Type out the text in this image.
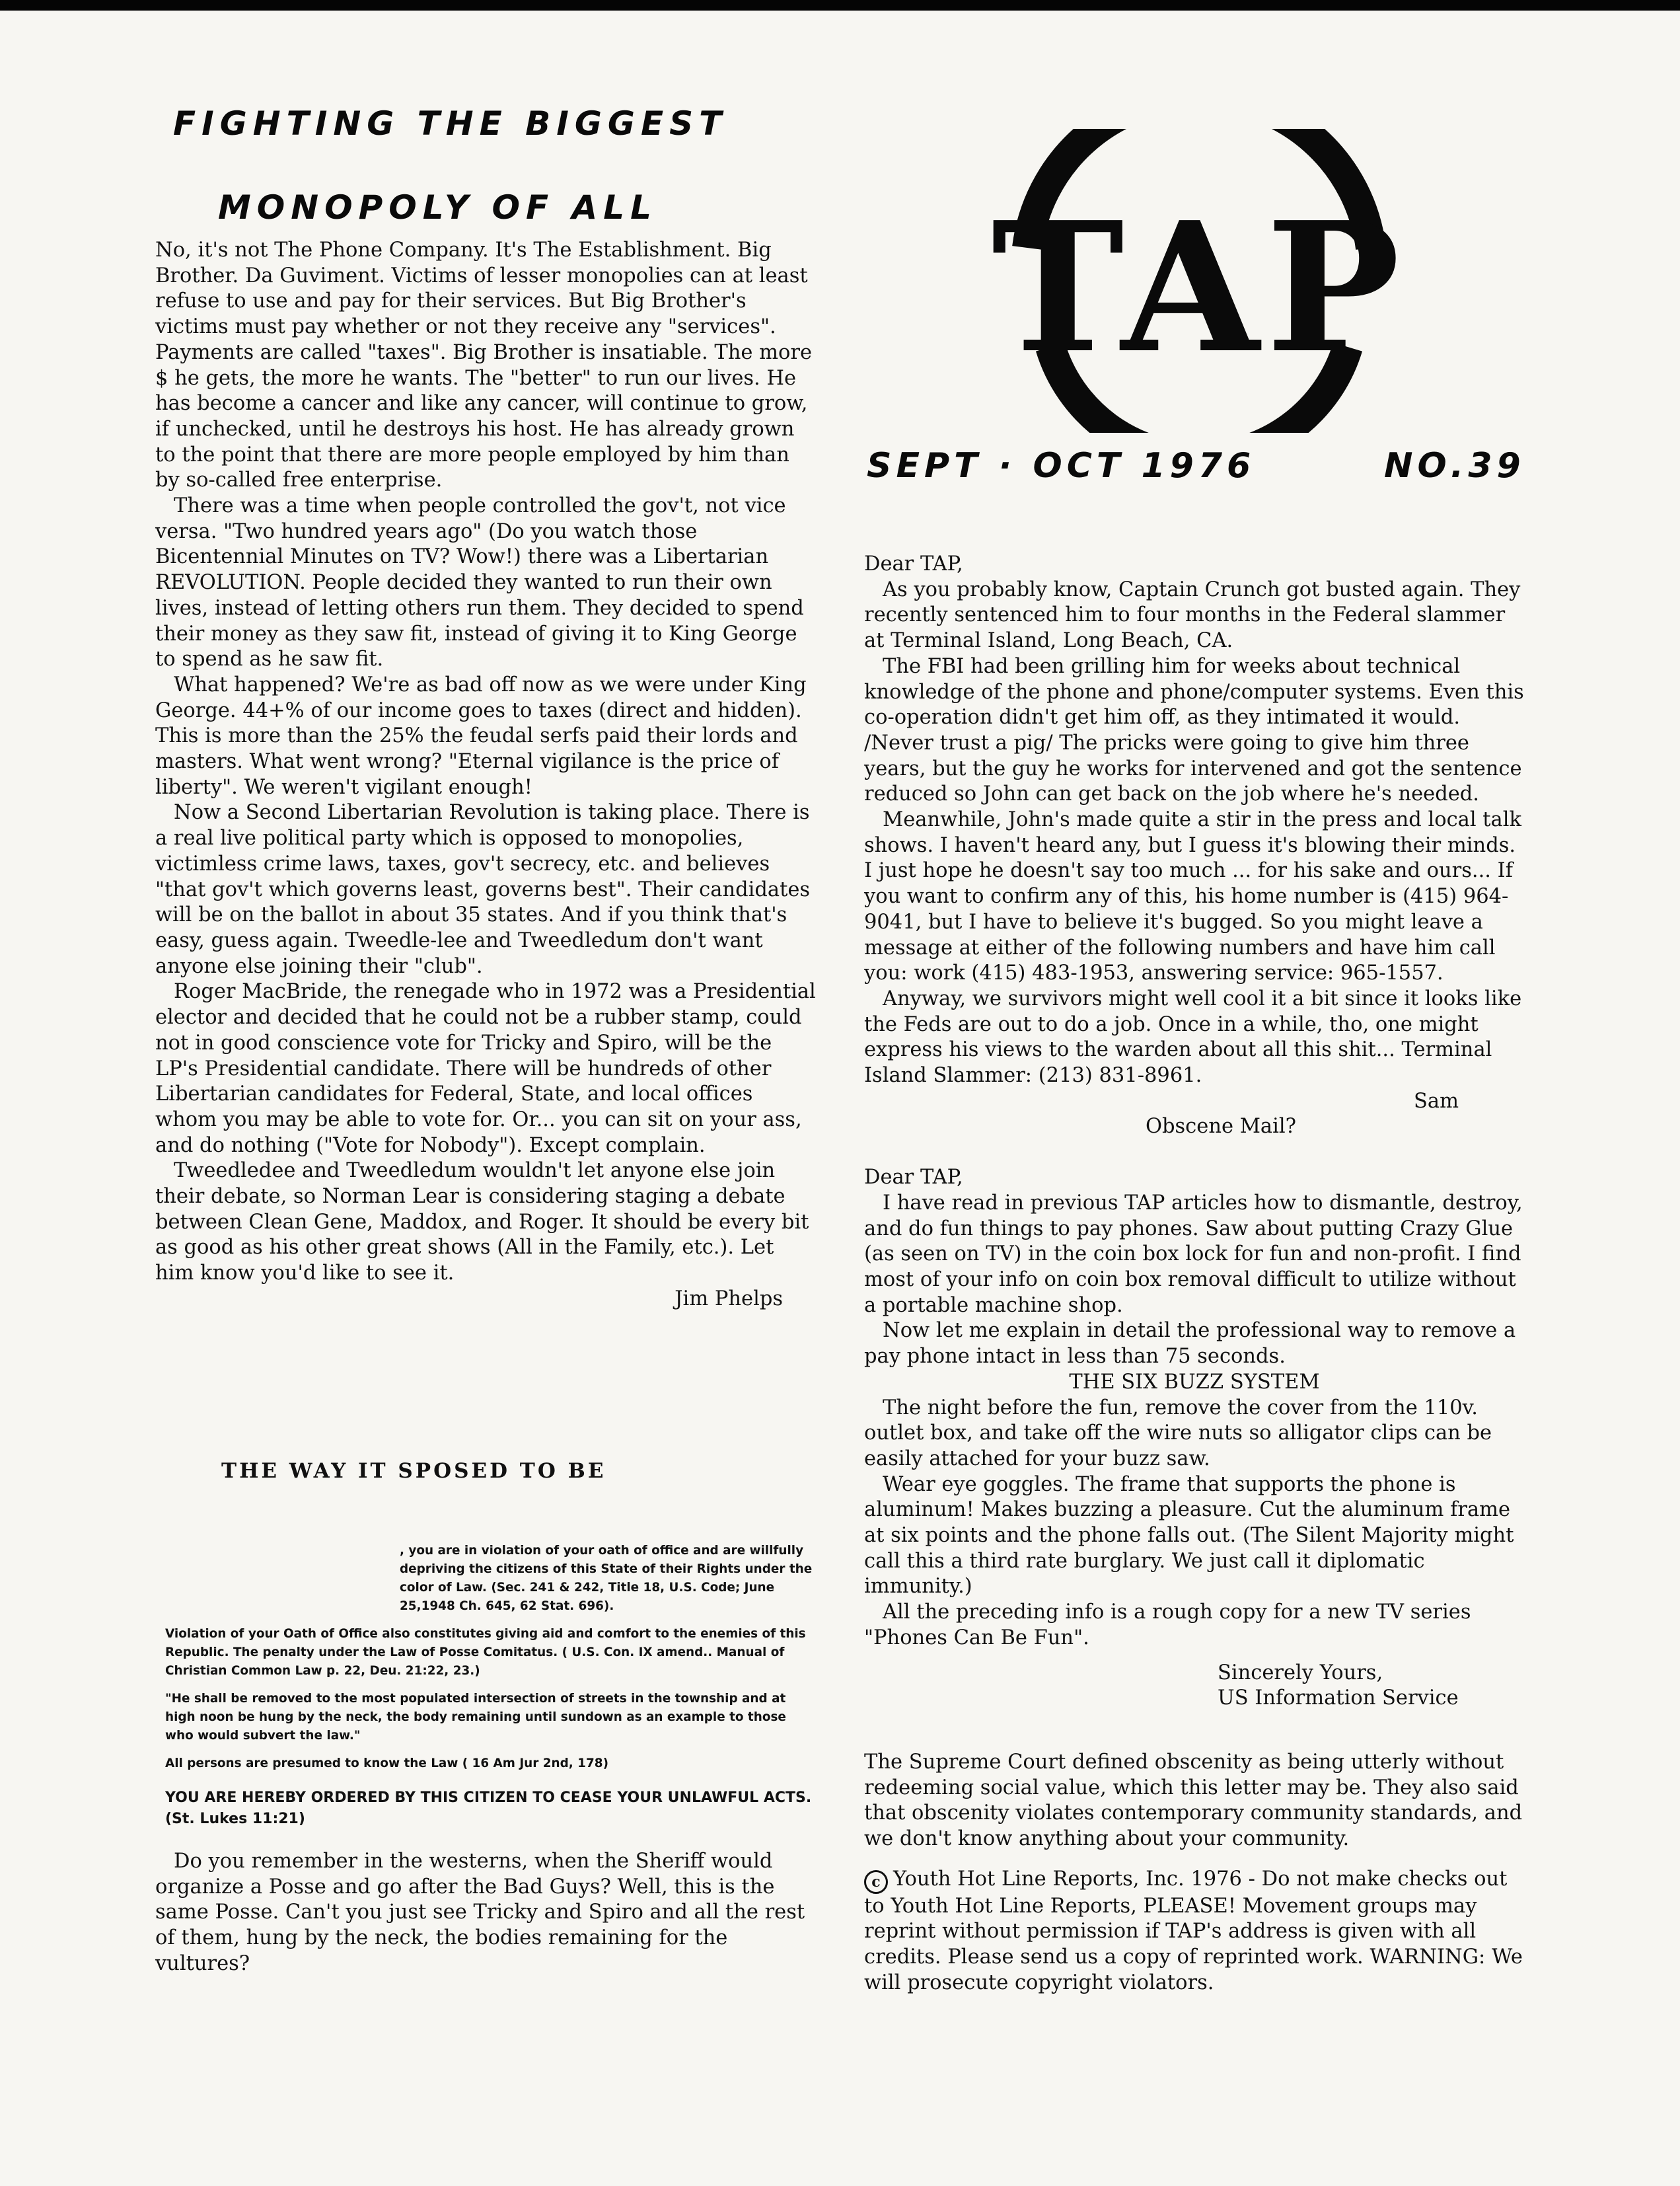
FIGHTING THE BIGGEST
MONOPOLY OF ALL TAP
SEPT · OCT 1976	NO.39

No, it's not The Phone Company. It's The Establishment. Big Brother. Da Guviment. Victims of lesser monopolies can at least refuse to use and pay for their services. But Big Brother's victims must pay whether or not they receive any "services". Payments are called "taxes". Big Brother is insatiable. The more $ he gets, the more he wants. The "better" to run our lives. He has become a cancer and like any cancer, will continue to grow, if unchecked, until he destroys his host. He has already grown to the point that there are more people employed by him than by so-called free enterprise.

There was a time when people controlled the gov't, not vice versa. "Two hundred years ago" (Do you watch those Bicentennial Minutes on TV? Wow!) there was a Libertarian REVOLUTION. People decided they wanted to run their own lives, instead of letting others run them. They decided to spend their money as they saw fit, instead of giving it to King George to spend as he saw fit.

What happened? We're as bad off now as we were under King George. 44+% of our income goes to taxes (direct and hidden). This is more than the 25% the feudal serfs paid their lords and masters. What went wrong? "Eternal vigilance is the price of liberty". We weren't vigilant enough!

Now a Second Libertarian Revolution is taking place. There is a real live political party which is opposed to monopolies, victimless crime laws, taxes, gov't secrecy, etc. and believes "that gov't which governs least, governs best". Their candidates will be on the ballot in about 35 states. And if you think that's easy, guess again. Tweedle-lee and Tweedledum don't want anyone else joining their "club".

Roger MacBride, the renegade who in 1972 was a Presidential elector and decided that he could not be a rubber stamp, could not in good conscience vote for Tricky and Spiro, will be the LP's Presidential candidate. There will be hundreds of other Libertarian candidates for Federal, State, and local offices whom you may be able to vote for. Or... you can sit on your ass, and do nothing ("Vote for Nobody"). Except complain.

Tweedledee and Tweedledum wouldn't let anyone else join their debate, so Norman Lear is considering staging a debate between Clean Gene, Maddox, and Roger. It should be every bit as good as his other great shows (All in the Family, etc.). Let him know you'd like to see it.

Jim Phelps

THE WAY IT SPOSED TO BE

, you are in violation of your oath of office and are willfully depriving the citizens of this State of their Rights under the color of Law. (Sec. 241 & 242, Title 18, U.S. Code; June 25,1948 Ch. 645, 62 Stat. 696).

Violation of your Oath of Office also constitutes giving aid and comfort to the enemies of this Republic. The penalty under the Law of Posse Comitatus. ( U.S. Con. IX amend.. Manual of Christian Common Law p. 22, Deu. 21:22, 23.)

"He shall be removed to the most populated intersection of streets in the township and at high noon be hung by the neck, the body remaining until sundown as an example to those who would subvert the law."

All persons are presumed to know the Law ( 16 Am Jur 2nd, 178)

YOU ARE HEREBY ORDERED BY THIS CITIZEN TO CEASE YOUR UNLAWFUL ACTS. (St. Lukes 11:21)

Do you remember in the westerns, when the Sheriff would organize a Posse and go after the Bad Guys? Well, this is the same Posse. Can't you just see Tricky and Spiro and all the rest of them, hung by the neck, the bodies remaining for the vultures?

Dear TAP,

As you probably know, Captain Crunch got busted again. They recently sentenced him to four months in the Federal slammer at Terminal Island, Long Beach, CA.

The FBI had been grilling him for weeks about technical knowledge of the phone and phone/computer systems. Even this co-operation didn't get him off, as they intimated it would. /Never trust a pig/ The pricks were going to give him three years, but the guy he works for intervened and got the sentence reduced so John can get back on the job where he's needed.

Meanwhile, John's made quite a stir in the press and local talk shows. I haven't heard any, but I guess it's blowing their minds. I just hope he doesn't say too much ... for his sake and ours... If you want to confirm any of this, his home number is (415) 964-9041, but I have to believe it's bugged. So you might leave a message at either of the following numbers and have him call you: work (415) 483-1953, answering service: 965-1557.

Anyway, we survivors might well cool it a bit since it looks like the Feds are out to do a job. Once in a while, tho, one might express his views to the warden about all this shit... Terminal Island Slammer: (213) 831-8961.

Sam

Obscene Mail?

Dear TAP,

I have read in previous TAP articles how to dismantle, destroy, and do fun things to pay phones. Saw about putting Crazy Glue (as seen on TV) in the coin box lock for fun and non-profit. I find most of your info on coin box removal difficult to utilize without a portable machine shop.

Now let me explain in detail the professional way to remove a pay phone intact in less than 75 seconds.

THE SIX BUZZ SYSTEM

The night before the fun, remove the cover from the 110v. outlet box, and take off the wire nuts so alligator clips can be easily attached for your buzz saw.

Wear eye goggles. The frame that supports the phone is aluminum! Makes buzzing a pleasure. Cut the aluminum frame at six points and the phone falls out. (The Silent Majority might call this a third rate burglary. We just call it diplomatic immunity.)

All the preceding info is a rough copy for a new TV series "Phones Can Be Fun".

Sincerely Yours,

US Information Service

The Supreme Court defined obscenity as being utterly without redeeming social value, which this letter may be. They also said that obscenity violates contemporary community standards, and we don't know anything about your community.

c Youth Hot Line Reports, Inc. 1976 - Do not make checks out to Youth Hot Line Reports, PLEASE! Movement groups may reprint without permission if TAP's address is given with all credits. Please send us a copy of reprinted work. WARNING: We will prosecute copyright violators.
